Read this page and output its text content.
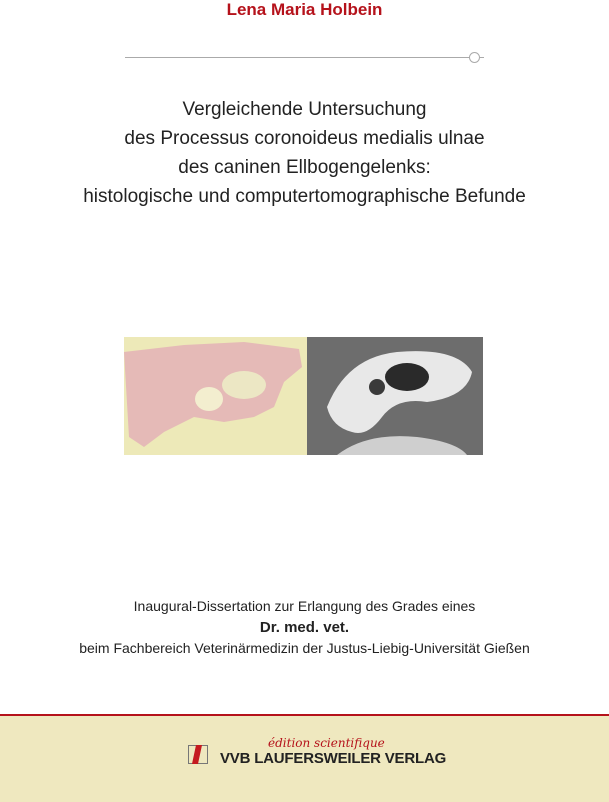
Lena Maria Holbein
Vergleichende Untersuchung
des Processus coronoideus medialis ulnae
des caninen Ellbogengelenks:
histologische und computertomographische Befunde
Inaugural-Dissertation zur Erlangung des Grades eines
Dr. med. vet.
beim Fachbereich Veterinärmedizin der Justus-Liebig-Universität Gießen
édition scientifique
VVB LAUFERSWEILER VERLAG
